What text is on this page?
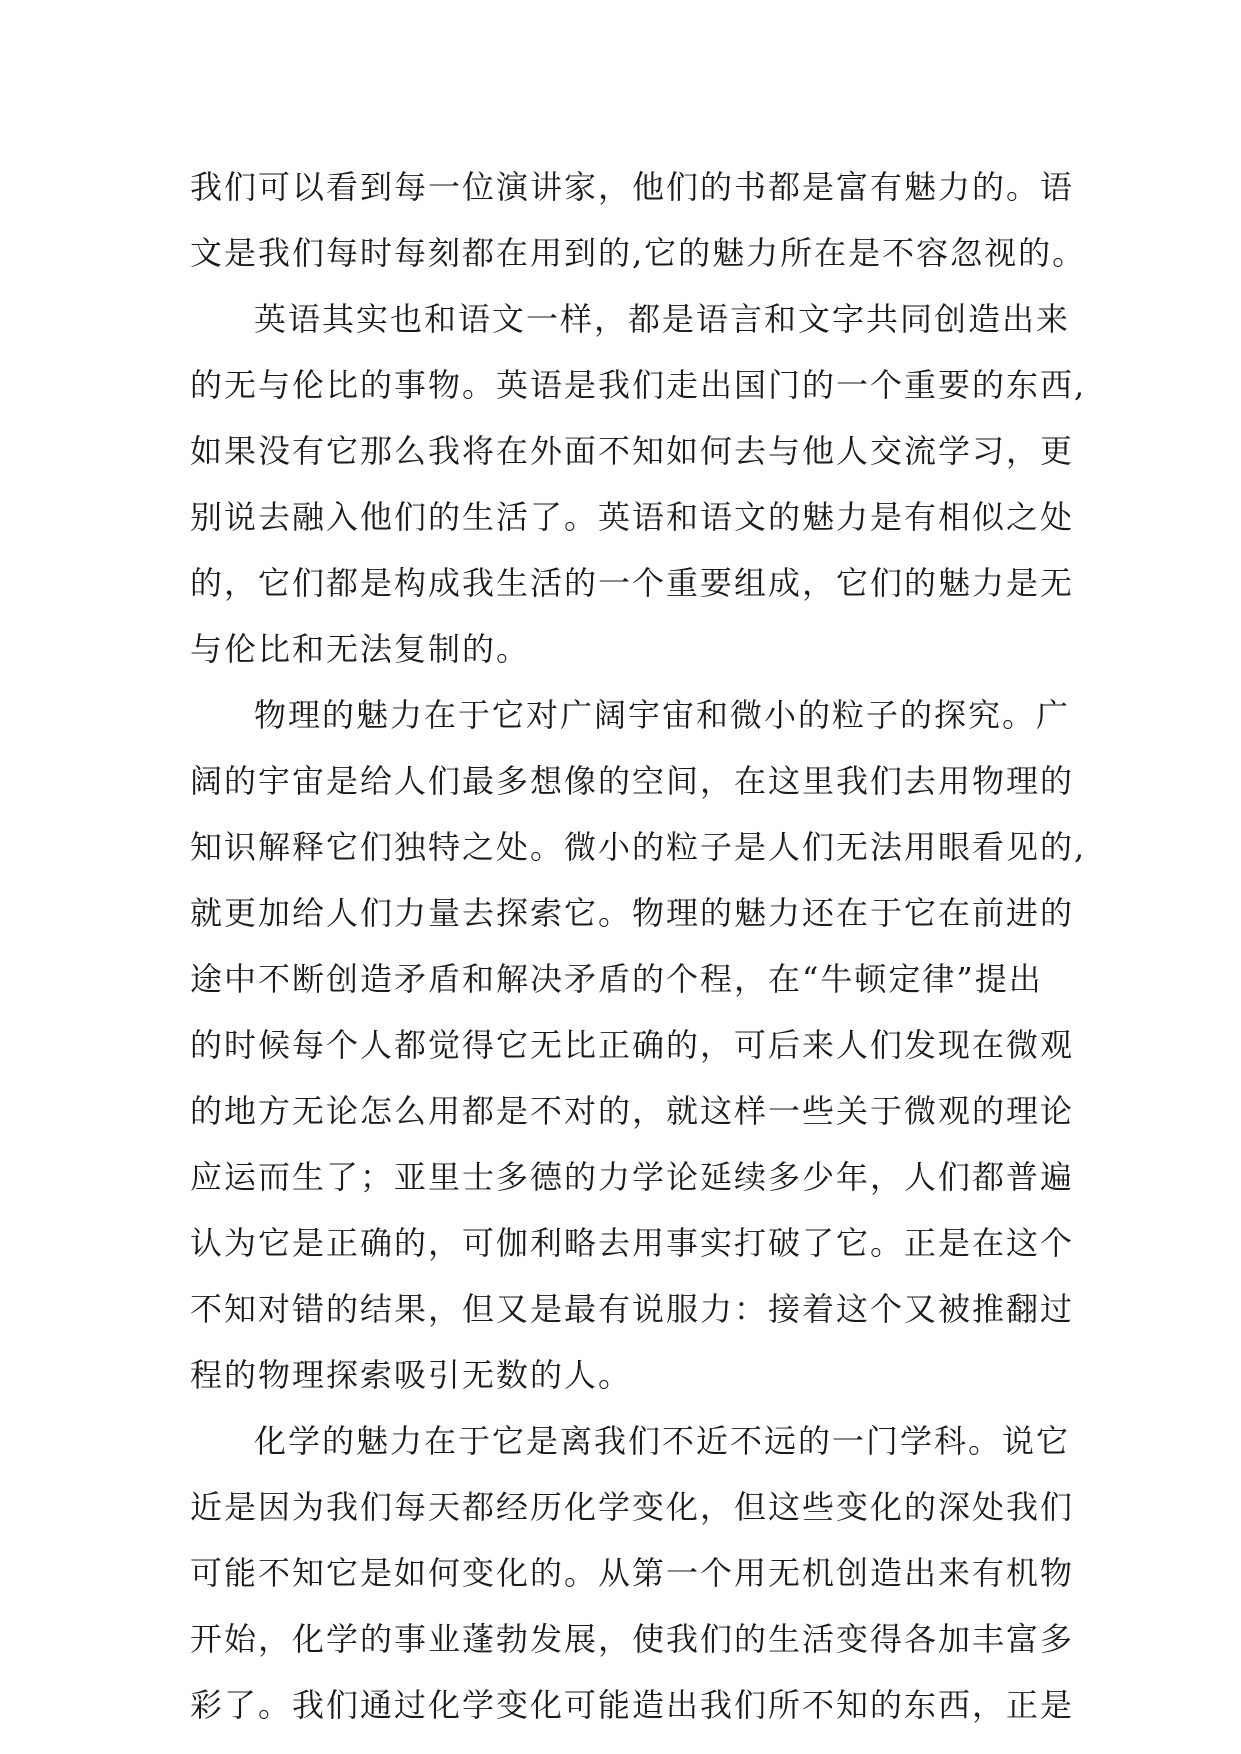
我们可以看到每一位演讲家，他们的书都是富有魅力的。语
文是我们每时每刻都在用到的,它的魅力所在是不容忽视的。
英语其实也和语文一样，都是语言和文字共同创造出来
的无与伦比的事物。英语是我们走出国门的一个重要的东西,
如果没有它那么我将在外面不知如何去与他人交流学习，更
别说去融入他们的生活了。英语和语文的魅力是有相似之处
的，它们都是构成我生活的一个重要组成，它们的魅力是无
与伦比和无法复制的。
物理的魅力在于它对广阔宇宙和微小的粒子的探究。广
阔的宇宙是给人们最多想像的空间，在这里我们去用物理的
知识解释它们独特之处。微小的粒子是人们无法用眼看见的,
就更加给人们力量去探索它。物理的魅力还在于它在前进的
途中不断创造矛盾和解决矛盾的个程，在“牛顿定律”提出
的时候每个人都觉得它无比正确的，可后来人们发现在微观
的地方无论怎么用都是不对的，就这样一些关于微观的理论
应运而生了；亚里士多德的力学论延续多少年，人们都普遍
认为它是正确的，可伽利略去用事实打破了它。正是在这个
不知对错的结果，但又是最有说服力：接着这个又被推翻过
程的物理探索吸引无数的人。
化学的魅力在于它是离我们不近不远的一门学科。说它
近是因为我们每天都经历化学变化，但这些变化的深处我们
可能不知它是如何变化的。从第一个用无机创造出来有机物
开始，化学的事业蓬勃发展，使我们的生活变得各加丰富多
彩了。我们通过化学变化可能造出我们所不知的东西，正是
